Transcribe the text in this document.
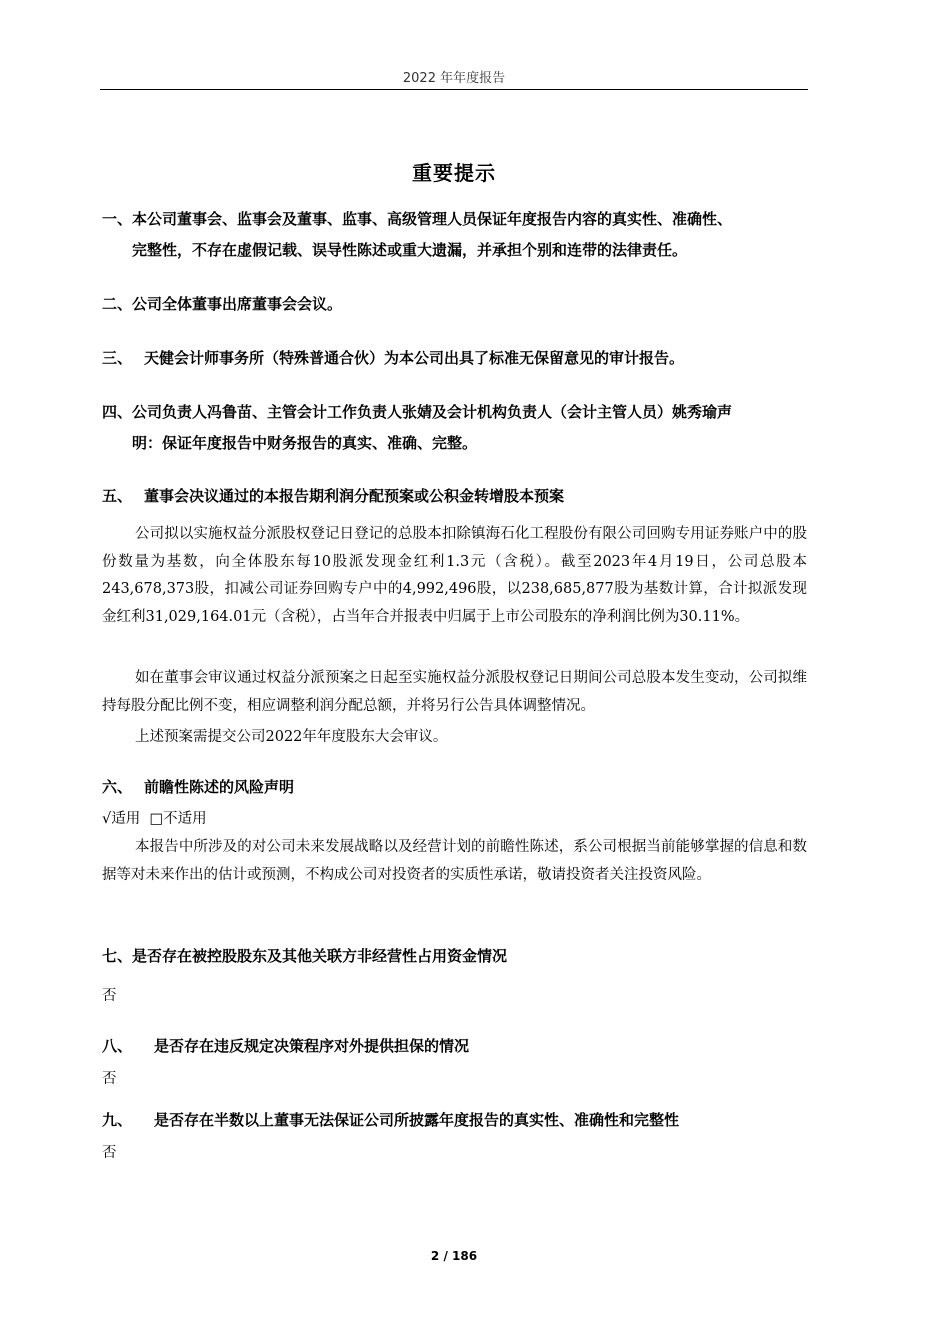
2022 年年度报告
重要提示
一、本公司董事会、监事会及董事、监事、高级管理人员保证年度报告内容的真实性、准确性、
完整性，不存在虚假记载、误导性陈述或重大遗漏，并承担个别和连带的法律责任。
二、公司全体董事出席董事会会议。
三、 天健会计师事务所（特殊普通合伙）为本公司出具了标准无保留意见的审计报告。
四、公司负责人冯鲁苗、主管会计工作负责人张婧及会计机构负责人（会计主管人员）姚秀瑜声
明：保证年度报告中财务报告的真实、准确、完整。
五、 董事会决议通过的本报告期利润分配预案或公积金转增股本预案
公司拟以实施权益分派股权登记日登记的总股本扣除镇海石化工程股份有限公司回购专用证券账户中的股份数量为基数，向全体股东每10股派发现金红利1.3元（含税）。截至2023年4月19日，公司总股本243,678,373股，扣减公司证券回购专户中的4,992,496股，以238,685,877股为基数计算，合计拟派发现金红利31,029,164.01元（含税），占当年合并报表中归属于上市公司股东的净利润比例为30.11%。
如在董事会审议通过权益分派预案之日起至实施权益分派股权登记日期间公司总股本发生变动，公司拟维持每股分配比例不变，相应调整利润分配总额，并将另行公告具体调整情况。
上述预案需提交公司2022年年度股东大会审议。
六、 前瞻性陈述的风险声明
√适用 □不适用
本报告中所涉及的对公司未来发展战略以及经营计划的前瞻性陈述，系公司根据当前能够掌握的信息和数据等对未来作出的估计或预测，不构成公司对投资者的实质性承诺，敬请投资者关注投资风险。
七、是否存在被控股股东及其他关联方非经营性占用资金情况
否
八、 是否存在违反规定决策程序对外提供担保的情况
否
九、 是否存在半数以上董事无法保证公司所披露年度报告的真实性、准确性和完整性
否
2 / 186
